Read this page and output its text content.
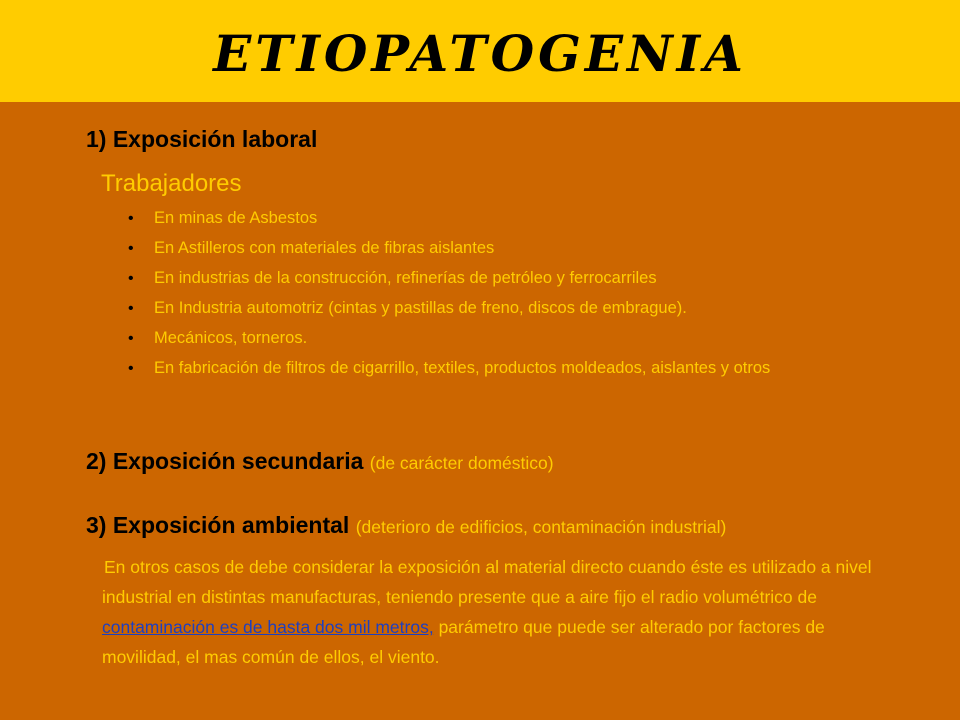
ETIOPATOGENIA
1) Exposición laboral
Trabajadores
• En minas de Asbestos
• En Astilleros con materiales de fibras aislantes
• En industrias de la construcción, refinerías de petróleo y ferrocarriles
• En Industria automotriz (cintas y pastillas de freno, discos de embrague).
• Mecánicos, torneros.
• En fabricación de filtros de cigarrillo, textiles, productos moldeados, aislantes y otros
2) Exposición secundaria (de carácter doméstico)
3) Exposición ambiental (deterioro de edificios, contaminación industrial)

En otros casos de debe considerar la exposición al material directo cuando éste es utilizado a nivel industrial en distintas manufacturas, teniendo presente que a aire fijo el radio volumétrico de contaminación es de hasta dos mil metros, parámetro que puede ser alterado por factores de movilidad, el mas común de ellos, el viento.
